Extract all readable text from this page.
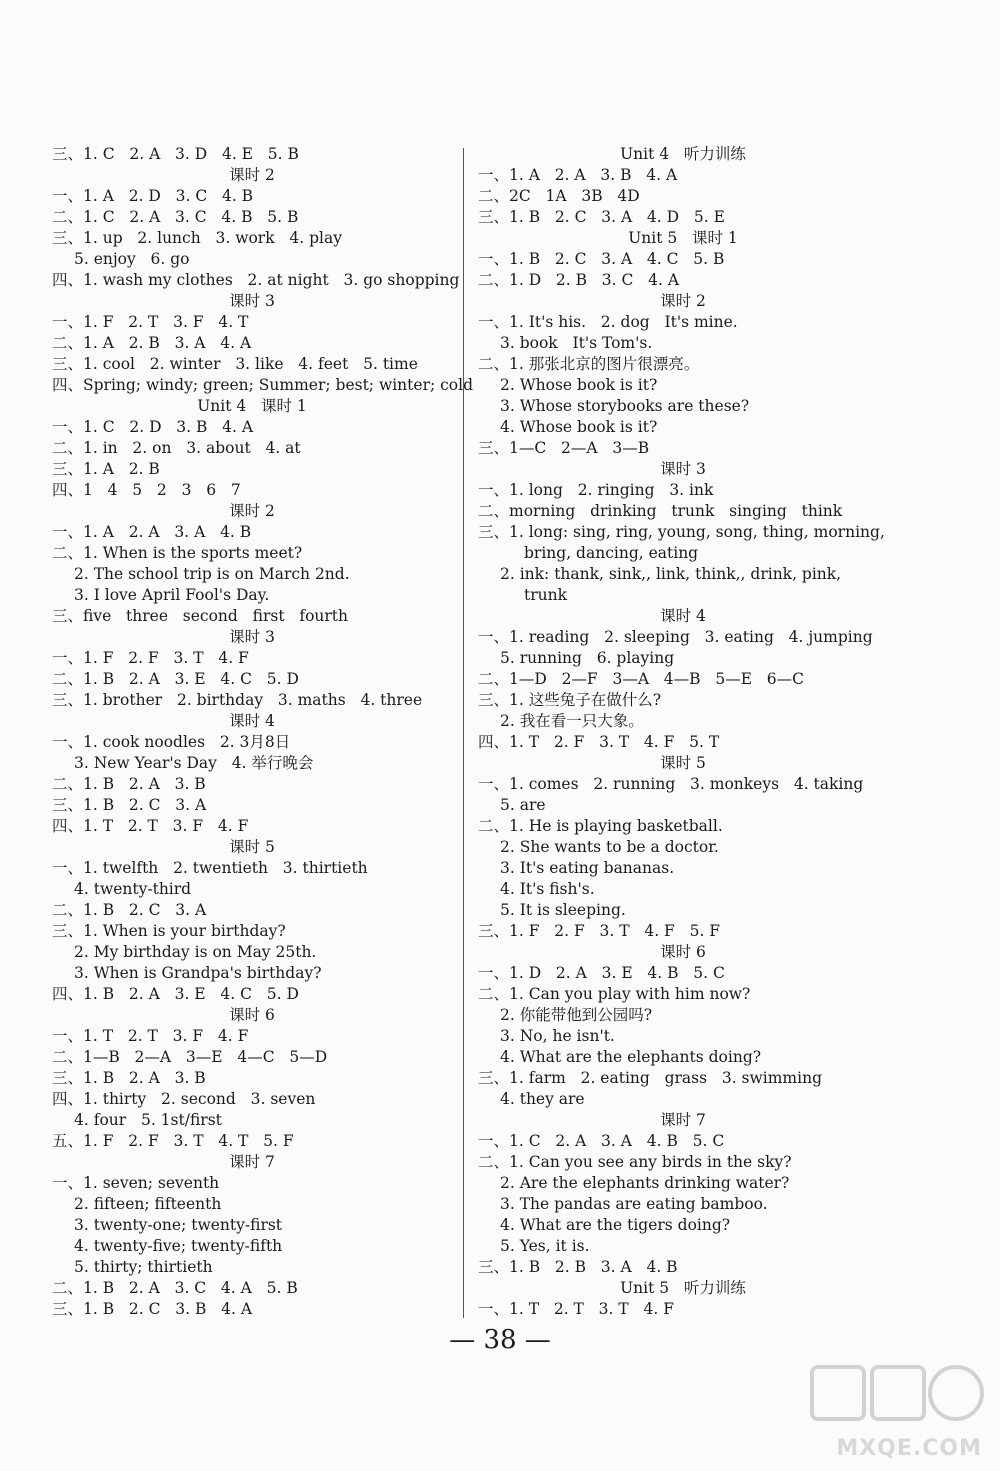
三、1. C   2. A   3. D   4. E   5. B
课时 2
一、1. A   2. D   3. C   4. B
二、1. C   2. A   3. C   4. B   5. B
三、1. up   2. lunch   3. work   4. play
5. enjoy   6. go
四、1. wash my clothes   2. at night   3. go shopping
课时 3
一、1. F   2. T   3. F   4. T
二、1. A   2. B   3. A   4. A
三、1. cool   2. winter   3. like   4. feet   5. time
四、Spring; windy; green; Summer; best; winter; cold
Unit 4   课时 1
一、1. C   2. D   3. B   4. A
二、1. in   2. on   3. about   4. at
三、1. A   2. B
四、1   4   5   2   3   6   7
课时 2
一、1. A   2. A   3. A   4. B
二、1. When is the sports meet?
2. The school trip is on March 2nd.
3. I love April Fool's Day.
三、five   three   second   first   fourth
课时 3
一、1. F   2. F   3. T   4. F
二、1. B   2. A   3. E   4. C   5. D
三、1. brother   2. birthday   3. maths   4. three
课时 4
一、1. cook noodles   2. 3月8日
3. New Year's Day   4. 举行晚会
二、1. B   2. A   3. B
三、1. B   2. C   3. A
四、1. T   2. T   3. F   4. F
课时 5
一、1. twelfth   2. twentieth   3. thirtieth
4. twenty-third
二、1. B   2. C   3. A
三、1. When is your birthday?
2. My birthday is on May 25th.
3. When is Grandpa's birthday?
四、1. B   2. A   3. E   4. C   5. D
课时 6
一、1. T   2. T   3. F   4. F
二、1—B   2—A   3—E   4—C   5—D
三、1. B   2. A   3. B
四、1. thirty   2. second   3. seven
4. four   5. 1st/first
五、1. F   2. F   3. T   4. T   5. F
课时 7
一、1. seven; seventh
2. fifteen; fifteenth
3. twenty-one; twenty-first
4. twenty-five; twenty-fifth
5. thirty; thirtieth
二、1. B   2. A   3. C   4. A   5. B
三、1. B   2. C   3. B   4. A
Unit 4   听力训练
一、1. A   2. A   3. B   4. A
二、2C   1A   3B   4D
三、1. B   2. C   3. A   4. D   5. E
Unit 5   课时 1
一、1. B   2. C   3. A   4. C   5. B
二、1. D   2. B   3. C   4. A
课时 2
一、1. It's his.   2. dog   It's mine.
3. book   It's Tom's.
二、1. 那张北京的图片很漂亮。
2. Whose book is it?
3. Whose storybooks are these?
4. Whose book is it?
三、1—C   2—A   3—B
课时 3
一、1. long   2. ringing   3. ink
二、morning   drinking   trunk   singing   think
三、1. long: sing, ring, young, song, thing, morning,
bring, dancing, eating
2. ink: thank, sink,, link, think,, drink, pink,
trunk
课时 4
一、1. reading   2. sleeping   3. eating   4. jumping
5. running   6. playing
二、1—D   2—F   3—A   4—B   5—E   6—C
三、1. 这些兔子在做什么?
2. 我在看一只大象。
四、1. T   2. F   3. T   4. F   5. T
课时 5
一、1. comes   2. running   3. monkeys   4. taking
5. are
二、1. He is playing basketball.
2. She wants to be a doctor.
3. It's eating bananas.
4. It's fish's.
5. It is sleeping.
三、1. F   2. F   3. T   4. F   5. F
课时 6
一、1. D   2. A   3. E   4. B   5. C
二、1. Can you play with him now?
2. 你能带他到公园吗?
3. No, he isn't.
4. What are the elephants doing?
三、1. farm   2. eating   grass   3. swimming
4. they are
课时 7
一、1. C   2. A   3. A   4. B   5. C
二、1. Can you see any birds in the sky?
2. Are the elephants drinking water?
3. The pandas are eating bamboo.
4. What are the tigers doing?
5. Yes, it is.
三、1. B   2. B   3. A   4. B
Unit 5   听力训练
一、1. T   2. T   3. T   4. F
— 38 —
MXQE.COM
